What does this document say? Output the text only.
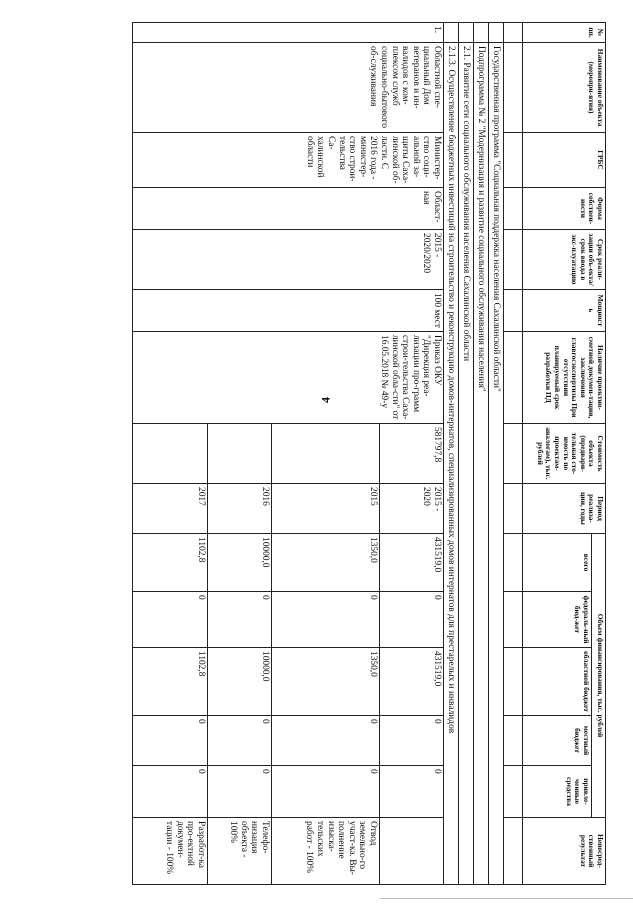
4
№ пп.	Наименование объекта (меропри-ятия)	ГРБС	Форма собствен-ности	Срок реали-зации объ-екта/срок ввода в экс-плуатацию	Мощность	Наличие проектно-сметной докумен-тации, заключения главгосэкспертизы При отсутствии планируемый срок разработки ПД	Стоимость объекта (предвари-тельная сто-имость по проектам-аналогам), тыс. рублей	Период реализа-ции, годы	Объем финансирования, тыс. рублей					Непосред-ственный результат
									всего	федераль-ный бюд-жет	областной бюджет	местный бюджет	привле-ченные средства	

	Государственная программа "Социальная поддержка населения Сахалинской области"													
	Подпрограмма № 2 "Модернизация и развитие социального обслуживания населения"													
	2.1. Развитие сети социального обслуживания населения Сахалинской области													
	2.1.3. Осуществление бюджетных инвестиций на строительство и реконструкцию домов-интернатов, специализированных домов интернатов для престарелых и инвалидов													
1.	Областной спе-циальный Дом ветеранов и ин-валидов с ком-плексом служб социально-бытового об-служивания	Министер-ство соци-альной за-щиты Саха-линской об-ласти. С 2016 года - министер-ство строи-тельства Са-халинской области	Област-ная	2015 - 2020/2020	100 мест	Приказ ОКУ "Дирекция реа-лизации про-грамм строи-тельства Саха-линской обла-сти" от 16.05.2018 № 49-у	581797,8	2015 - 2020	431519,0	0	431519,0	0	0	
								2015	1350,0	0	1350,0	0	0	Отвод земельно-го участ-ка. Вы-полнение изыска-тельских работ - 100%
								2016	10000,0	0	10000,0	0	0	Телефо-низация объекта - 100%
								2017	1102,8	0	1102,8	0	0	Разработ-ка про-ектной докумен-тации - 100%
